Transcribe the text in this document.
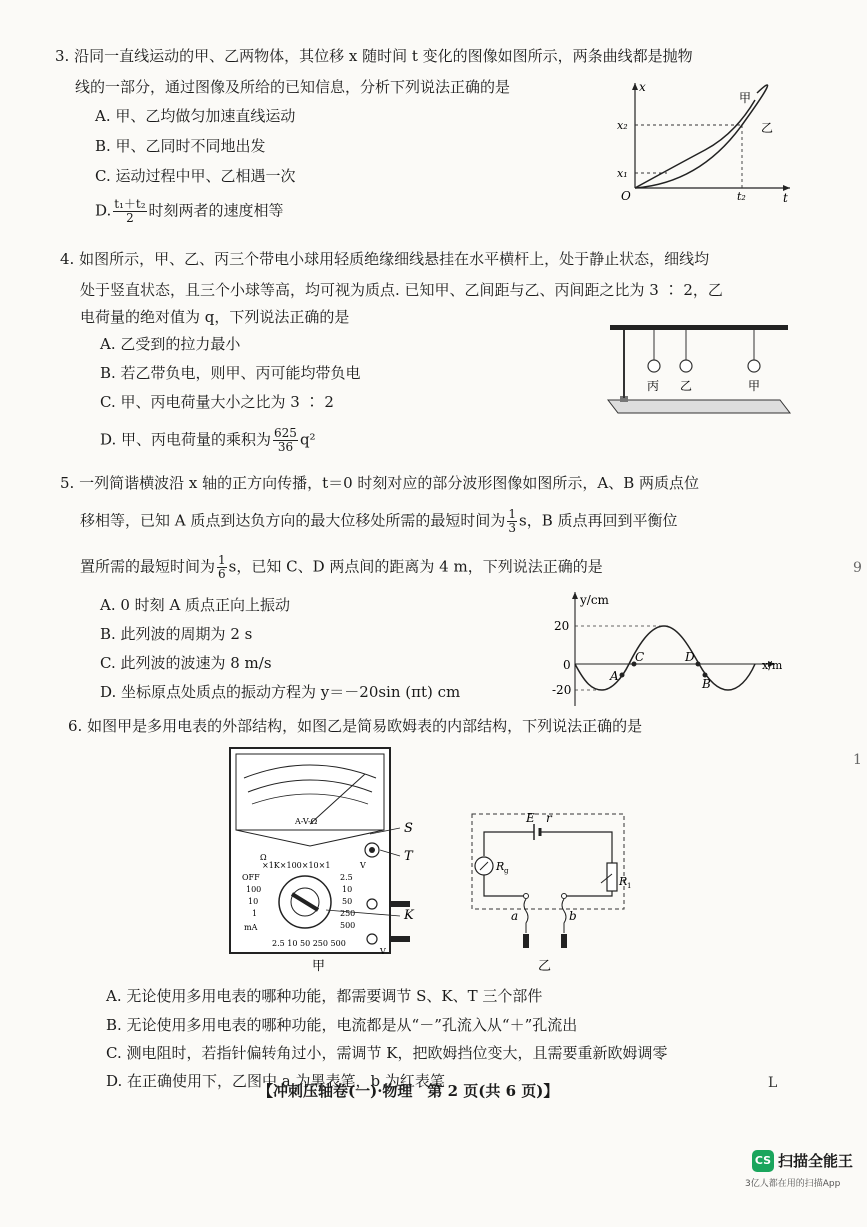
3. 沿同一直线运动的甲、乙两物体，其位移 x 随时间 t 变化的图像如图所示，两条曲线都是抛物
线的一部分，通过图像及所给的已知信息，分析下列说法正确的是
A. 甲、乙均做匀加速直线运动
B. 甲、乙同时不同地出发
C. 运动过程中甲、乙相遇一次
D. $\frac{\text{t₁＋t₂}}{2}$ 时刻两者的速度相等
x
t
O
x₂
x₁
t₂
甲
乙
4. 如图所示，甲、乙、丙三个带电小球用轻质绝缘细线悬挂在水平横杆上，处于静止状态，细线均
处于竖直状态，且三个小球等高，均可视为质点. 已知甲、乙间距与乙、丙间距之比为 3 ∶ 2，乙
电荷量的绝对值为 q，下列说法正确的是
A. 乙受到的拉力最小
B. 若乙带负电，则甲、丙可能均带负电
C. 甲、丙电荷量大小之比为 3 ∶ 2
D. 甲、丙电荷量的乘积为 $\frac{625}{36} q^2$
丙 乙	甲
5. 一列简谐横波沿 x 轴的正方向传播，t＝0 时刻对应的部分波形图像如图所示，A、B 两质点位
移相等，已知 A 质点到达负方向的最大位移处所需的最短时间为 $\frac{1}{3}$ s，B 质点再回到平衡位
置所需的最短时间为 $\frac{1}{6}$ s，已知 C、D 两点间的距离为 4 m，下列说法正确的是
A. 0 时刻 A 质点正向上振动
B. 此列波的周期为 2 s
C. 此列波的波速为 8 m/s
D. 坐标原点处质点的振动方程为 y＝－20sin (πt) cm
y/cm
x/m
20
-20
0
A
B
C	D
6. 如图甲是多用电表的外部结构，如图乙是简易欧姆表的内部结构，下列说法正确的是
A-V-Ω
Ω
×1K×100×10×1	V
OFF
100
10
1
mA
2.5
10
50
250
500
2.5 10 50 250 500
V
S
T
K
甲
E r
R g
R 1
a	b
乙
A. 无论使用多用电表的哪种功能，都需要调节 S、K、T 三个部件
B. 无论使用多用电表的哪种功能，电流都是从“－”孔流入从“＋”孔流出
C. 测电阻时，若指针偏转角过小，需调节 K，把欧姆挡位变大，且需要重新欧姆调零
D. 在正确使用下，乙图中 a 为黑表笔，b 为红表笔
【冲刺压轴卷(一)·物理　第 2 页(共 6 页)】	L
9
1
CS 扫描全能王
3亿人都在用的扫描App
